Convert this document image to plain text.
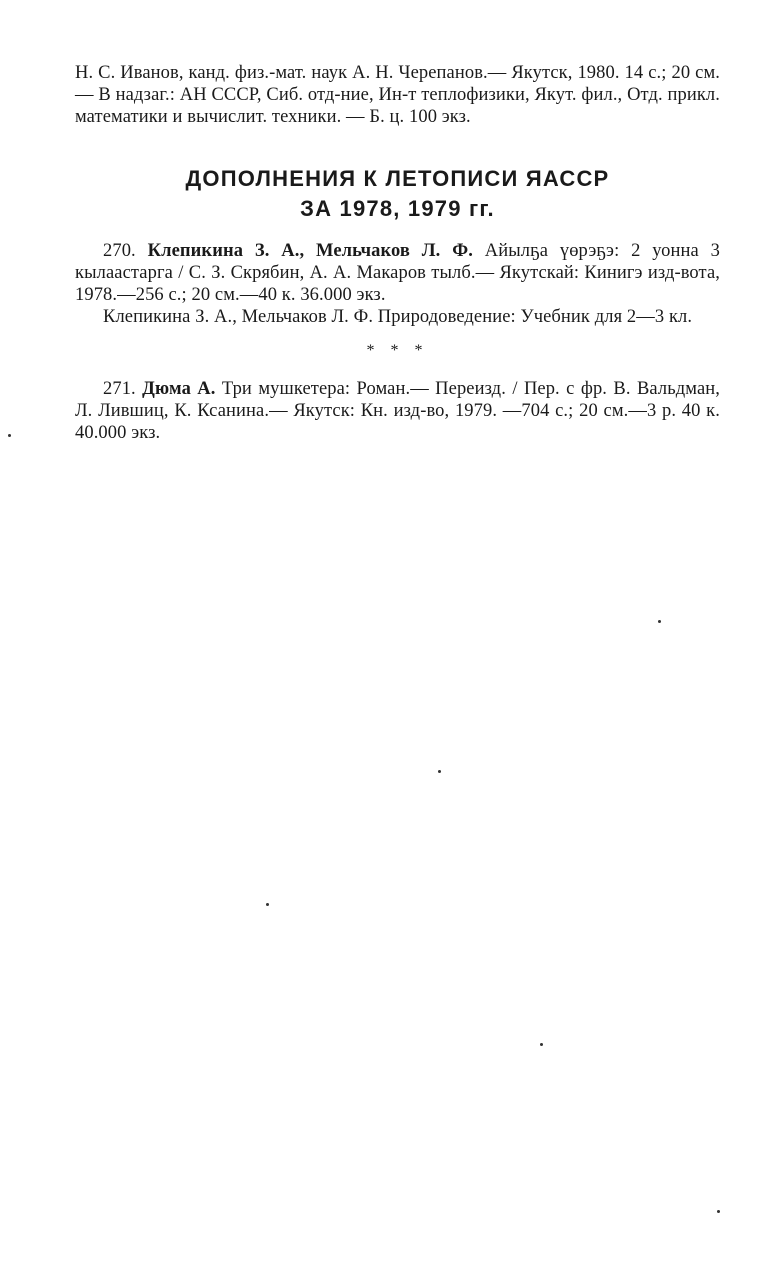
Н. С. Иванов, канд. физ.-мат. наук А. Н. Черепанов.— Якутск, 1980. 14 с.; 20 см.— В надзаг.: АН СССР, Сиб. отд-ние, Ин-т теплофизики, Якут. фил., Отд. прикл. математики и вычислит. техники. — Б. ц. 100 экз.

ДОПОЛНЕНИЯ К ЛЕТОПИСИ ЯАССР

ЗА 1978, 1979 гг.

270. Клепикина З. А., Мельчаков Л. Ф. Айылҕа үөрэҕэ: 2 уонна 3 кылаастарга / С. З. Скрябин, А. А. Макаров тылб.— Якутскай: Кинигэ изд-вота, 1978.—256 с.; 20 см.—40 к. 36.000 экз.

Клепикина З. А., Мельчаков Л. Ф. Природоведение: Учебник для 2—3 кл.

* * *

271. Дюма А. Три мушкетера: Роман.— Переизд. / Пер. с фр. В. Вальдман, Л. Лившиц, К. Ксанина.— Якутск: Кн. изд-во, 1979. —704 с.; 20 см.—3 р. 40 к. 40.000 экз.
